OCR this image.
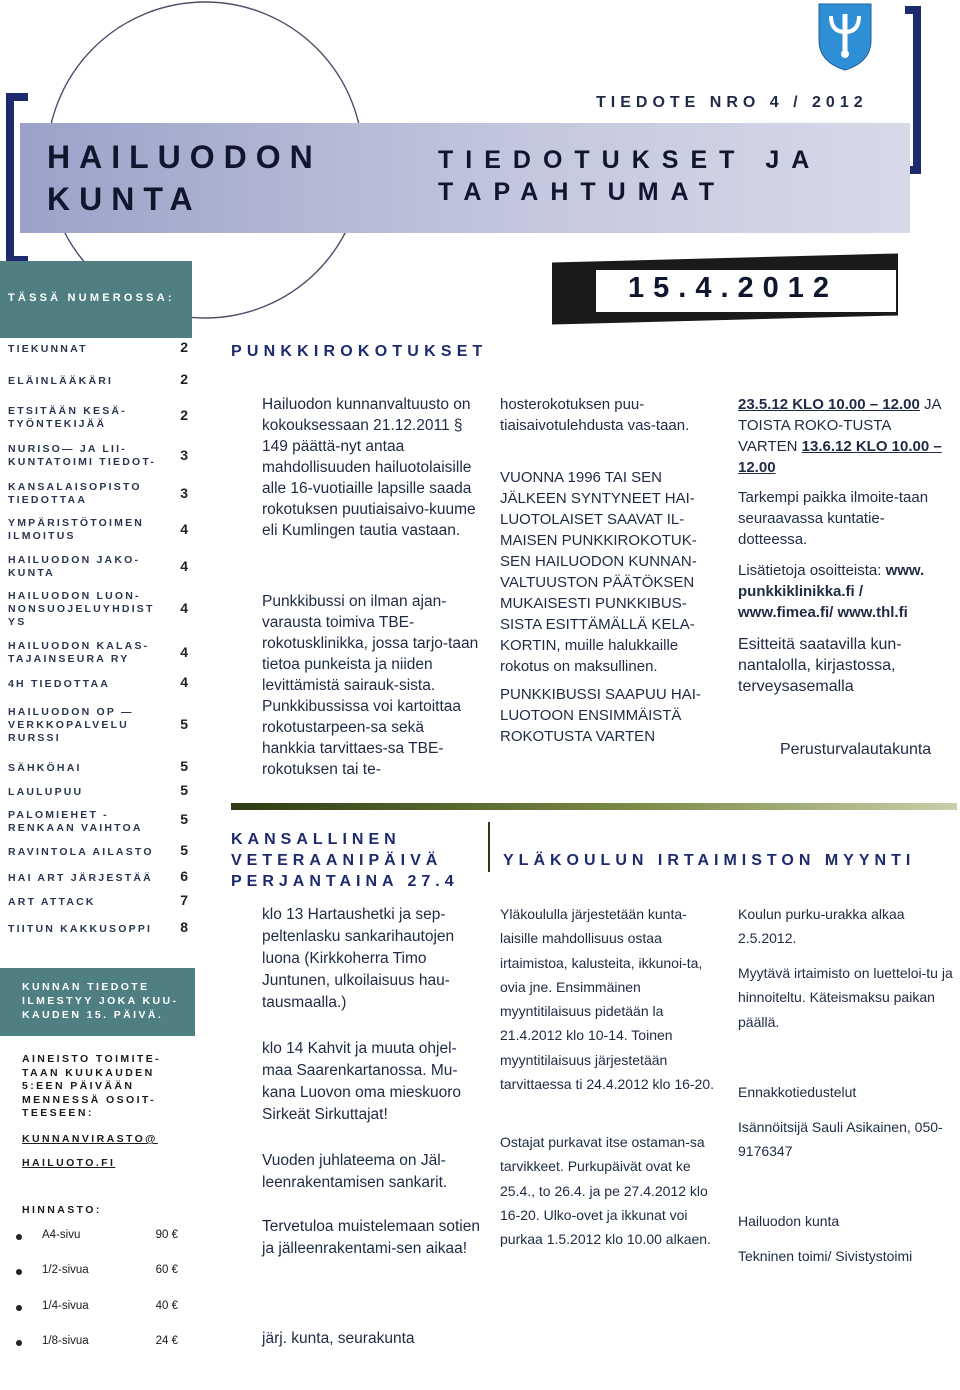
TIEDOTE NRO 4 / 2012
HAILUODON
KUNTA
TIEDOTUKSET JA
TAPAHTUMAT
TÄSSÄ NUMEROSSA:	15.4.2012
TIEKUNNAT	2
ELÄINLÄÄKÄRI	2
ETSITÄÄN KESÄ-
TYÖNTEKIJÄÄ
2
NURISO— JA LII-
KUNTATOIMI TIEDOT-	3
KANSALAISOPISTO
TIEDOTTAA	3
YMPÄRISTÖTOIMEN
ILMOITUS	4
HAILUODON JAKO-
KUNTA	4
HAILUODON LUON-
NONSUOJELUYHDIST
YS
4
HAILUODON KALAS-
TAJAINSEURA RY	4
4H TIEDOTTAA	4
HAILUODON OP —
VERKKOPALVELU
RURSSI
5
SÄHKÖHAI	5
LAULUPUU	5
PALOMIEHET -
RENKAAN VAIHTOA
5
RAVINTOLA AILASTO	5
HAI ART JÄRJESTÄÄ	6
ART ATTACK	7
TIITUN KAKKUSOPPI	8
KUNNAN TIEDOTE ILMESTYY JOKA KUU-KAUDEN 15. PÄIVÄ.
AINEISTO TOIMITE-TAAN KUUKAUDEN 5:EEN PÄIVÄÄN MENNESSÄ OSOIT-TEESEEN:
KUNNANVIRASTO@
HAILUOTO.FI
HINNASTO:
A4-sivu	90 €
1/2-sivua	60 €
1/4-sivua	40 €
1/8-sivua	24 €
PUNKKIROKOTUKSET
Hailuodon kunnanvaltuusto on kokouksessaan 21.12.2011 § 149 päättä-nyt antaa mahdollisuuden hailuotolaisille alle 16-vuotiaille lapsille saada rokotuksen puutiaisaivo-kuume eli Kumlingen tautia vastaan.
Punkkibussi on ilman ajan-varausta toimiva TBE-rokotusklinikka, jossa tarjo-taan tietoa punkeista ja niiden levittämistä sairauk-sista. Punkkibussissa voi kartoittaa rokotustarpeen-sa sekä hankkia tarvittaes-sa TBE-rokotuksen tai te-
hosterokotuksen puu-tiaisaivotulehdusta vas-taan.
VUONNA 1996 TAI SEN JÄLKEEN SYNTYNEET HAI-LUOTOLAISET SAAVAT IL-MAISEN PUNKKIROKOTUK-SEN HAILUODON KUNNAN-VALTUUSTON PÄÄTÖKSEN MUKAISESTI PUNKKIBUS-SISTA ESITTÄMÄLLÄ KELA-KORTIN, muille halukkaille rokotus on maksullinen.
PUNKKIBUSSI SAAPUU HAI-LUOTOON ENSIMMÄISTÄ ROKOTUSTA VARTEN
23.5.12 KLO 10.00 – 12.00 JA TOISTA ROKO-TUSTA VARTEN 13.6.12 KLO 10.00 – 12.00
Tarkempi paikka ilmoite-taan seuraavassa kuntatie-dotteessa.
Lisätietoja osoitteista: www. punkkiklinikka.fi / www.fimea.fi/ www.thl.fi
Esitteitä saatavilla kun-nantalolla, kirjastossa, terveysasemalla
Perusturvalautakunta
KANSALLINEN VETERAANIPÄIVÄ PERJANTAINA 27.4
klo 13 Hartaushetki ja sep-peltenlasku sankarihautojen luona (Kirkkoherra Timo Juntunen, ulkoilaisuus hau-tausmaalla.)
klo 14 Kahvit ja muuta ohjel-maa Saarenkartanossa. Mu-kana Luovon oma mieskuoro Sirkeät Sirkuttajat!
Vuoden juhlateema on Jäl-leenrakentamisen sankarit.
Tervetuloa muistelemaan sotien ja jälleenrakentami-sen aikaa!
järj. kunta, seurakunta
YLÄKOULUN IRTAIMISTON MYYNTI
Yläkoululla järjestetään kunta-laisille mahdollisuus ostaa irtaimistoa, kalusteita, ikkunoi-ta, ovia jne. Ensimmäinen myyntitilaisuus pidetään la 21.4.2012 klo 10-14. Toinen myyntitilaisuus järjestetään tarvittaessa ti 24.4.2012 klo 16-20.
Ostajat purkavat itse ostaman-sa tarvikkeet. Purkupäivät ovat ke 25.4., to 26.4. ja pe 27.4.2012 klo 16-20. Ulko-ovet ja ikkunat voi purkaa 1.5.2012 klo 10.00 alkaen.
Koulun purku-urakka alkaa 2.5.2012.
Myytävä irtaimisto on luetteloi-tu ja hinnoiteltu. Käteismaksu paikan päällä.
Ennakkotiedustelut
Isännöitsijä Sauli Asikainen, 050-9176347
Hailuodon kunta
Tekninen toimi/ Sivistystoimi
